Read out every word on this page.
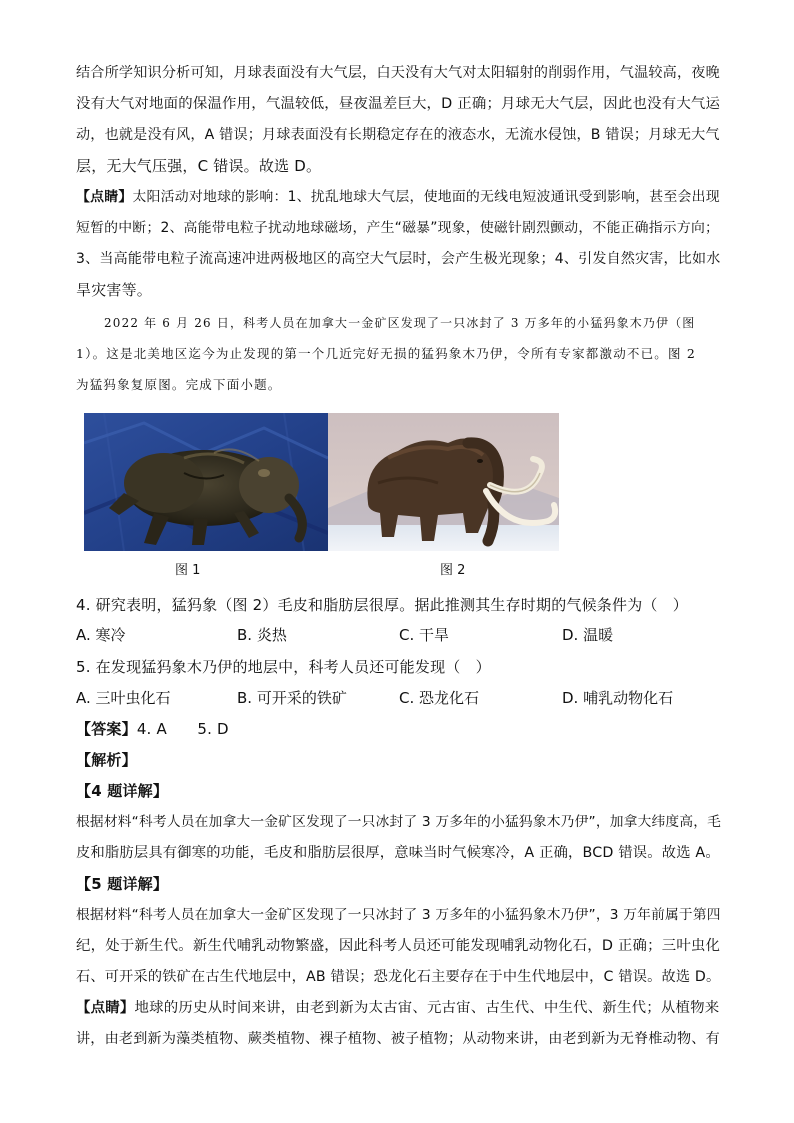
结合所学知识分析可知，月球表面没有大气层，白天没有大气对太阳辐射的削弱作用，气温较高，夜晚
没有大气对地面的保温作用，气温较低，昼夜温差巨大，D 正确；月球无大气层，因此也没有大气运
动，也就是没有风，A 错误；月球表面没有长期稳定存在的液态水，无流水侵蚀，B 错误；月球无大气
层，无大气压强，C 错误。故选 D。
【点睛】太阳活动对地球的影响：1、扰乱地球大气层，使地面的无线电短波通讯受到影响，甚至会出现
短暂的中断；2、高能带电粒子扰动地球磁场，产生“磁暴”现象，使磁针剧烈颤动，不能正确指示方向；
3、当高能带电粒子流高速冲进两极地区的高空大气层时，会产生极光现象；4、引发自然灾害，比如水
旱灾害等。
2022 年 6 月 26 日，科考人员在加拿大一金矿区发现了一只冰封了 3 万多年的小猛犸象木乃伊（图
1）。这是北美地区迄今为止发现的第一个几近完好无损的猛犸象木乃伊，令所有专家都激动不已。图 2
为猛犸象复原图。完成下面小题。
图 1	图 2
4. 研究表明，猛犸象（图 2）毛皮和脂肪层很厚。据此推测其生存时期的气候条件为（　）
A. 寒冷	B. 炎热	C. 干旱	D. 温暖
5. 在发现猛犸象木乃伊的地层中，科考人员还可能发现（　）
A. 三叶虫化石	B. 可开采的铁矿	C. 恐龙化石	D. 哺乳动物化石
【答案】4. A　　5. D
【解析】
【4 题详解】
根据材料“科考人员在加拿大一金矿区发现了一只冰封了 3 万多年的小猛犸象木乃伊”，加拿大纬度高，毛
皮和脂肪层具有御寒的功能，毛皮和脂肪层很厚，意味当时气候寒冷，A 正确，BCD 错误。故选 A。
【5 题详解】
根据材料“科考人员在加拿大一金矿区发现了一只冰封了 3 万多年的小猛犸象木乃伊”，3 万年前属于第四
纪，处于新生代。新生代哺乳动物繁盛，因此科考人员还可能发现哺乳动物化石，D 正确；三叶虫化
石、可开采的铁矿在古生代地层中，AB 错误；恐龙化石主要存在于中生代地层中，C 错误。故选 D。
【点睛】地球的历史从时间来讲，由老到新为太古宙、元古宙、古生代、中生代、新生代；从植物来
讲，由老到新为藻类植物、蕨类植物、裸子植物、被子植物；从动物来讲，由老到新为无脊椎动物、有
